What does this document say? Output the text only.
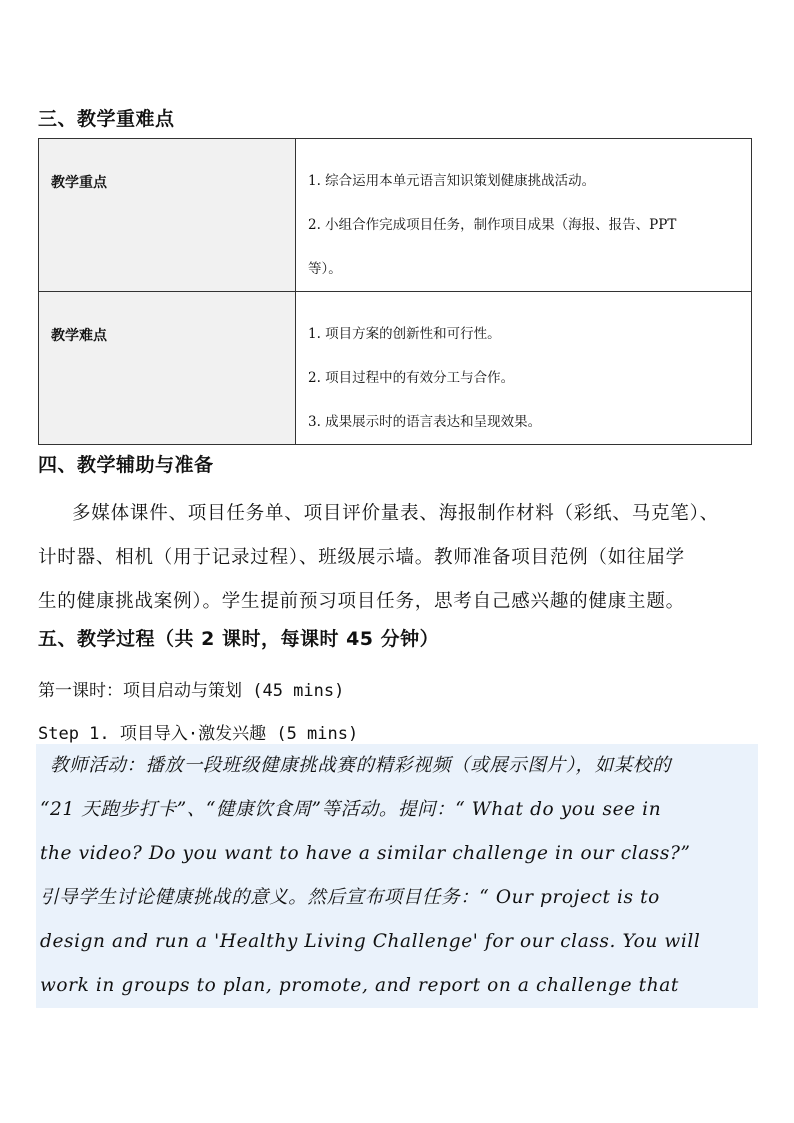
三、教学重难点
教学重点	1. 综合运用本单元语言知识策划健康挑战活动。
2. 小组合作完成项目任务，制作项目成果（海报、报告、PPT
等）。

教学难点	1. 项目方案的创新性和可行性。
2. 项目过程中的有效分工与合作。
3. 成果展示时的语言表达和呈现效果。
四、教学辅助与准备
多媒体课件、项目任务单、项目评价量表、海报制作材料（彩纸、马克笔）、
计时器、相机（用于记录过程）、班级展示墙。教师准备项目范例（如往届学
生的健康挑战案例）。学生提前预习项目任务，思考自己感兴趣的健康主题。
五、教学过程（共 2 课时，每课时 45 分钟）
第一课时：项目启动与策划 (45 mins)
Step 1. 项目导入·激发兴趣 (5 mins)
教师活动：播放一段班级健康挑战赛的精彩视频（或展示图片），如某校的
“21 天跑步打卡”、“健康饮食周”等活动。提问：“ What do you see in
the video? Do you want to have a similar challenge in our class?”
引导学生讨论健康挑战的意义。然后宣布项目任务：“ Our project is to
design and run a 'Healthy Living Challenge' for our class. You will
work in groups to plan, promote, and report on a challenge that
